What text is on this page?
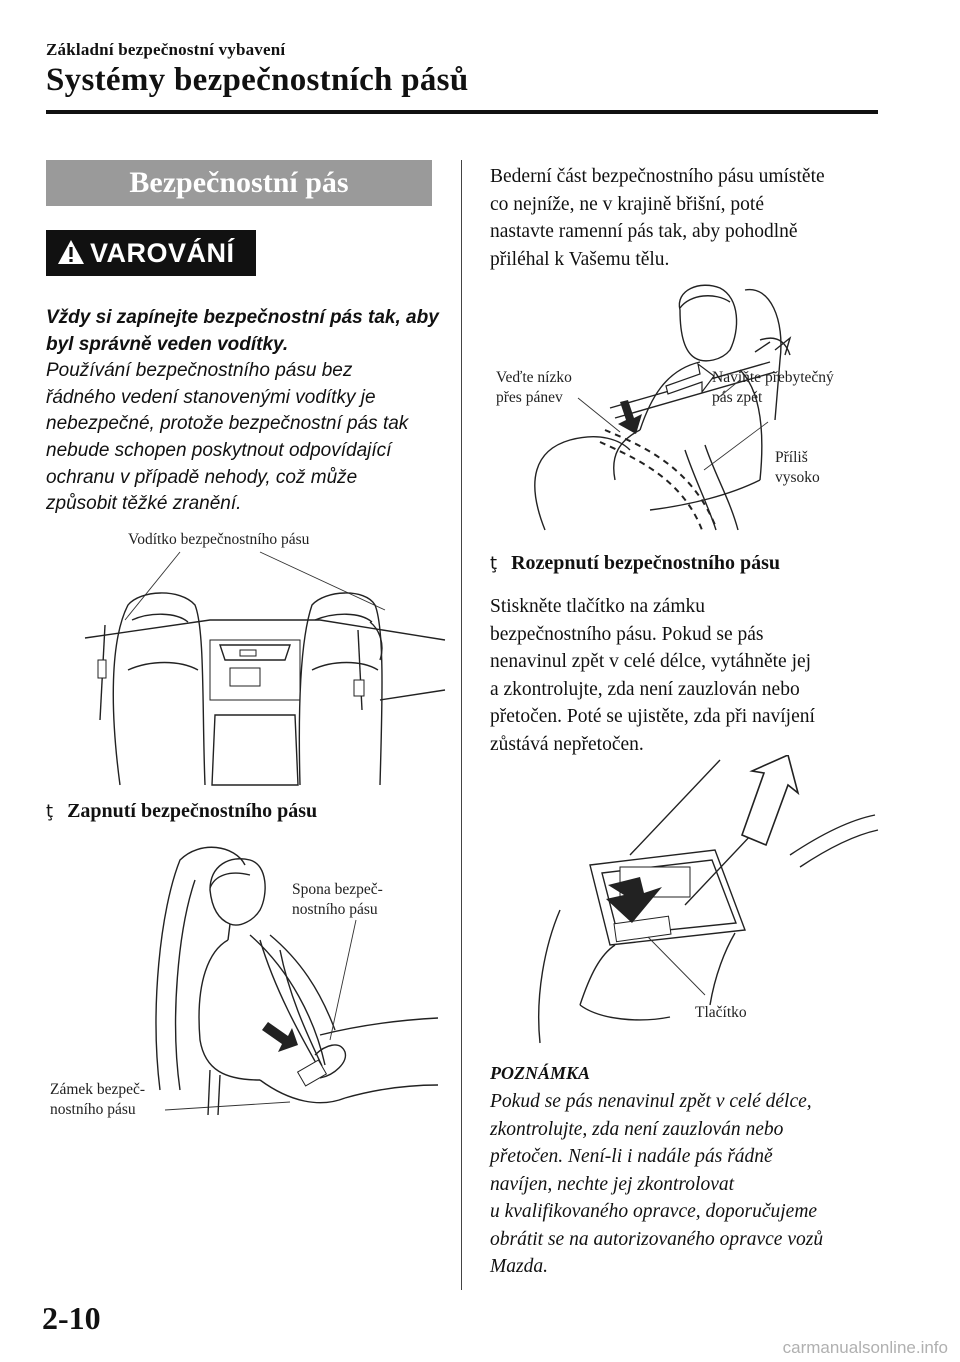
Základní bezpečnostní vybavení
Systémy bezpečnostních pásů
Bezpečnostní pás
VAROVÁNÍ
Vždy si zapínejte bezpečnostní pás tak, aby
byl správně veden vodítky.
Používání bezpečnostního pásu bez
řádného vedení stanovenými vodítky je
nebezpečné, protože bezpečnostní pás tak
nebude schopen poskytnout odpovídající
ochranu v případě nehody, což může
způsobit těžké zranění.
Vodítko bezpečnostního pásu
ţ Zapnutí bezpečnostního pásu
Spona bezpeč-
nostního pásu
Zámek bezpeč-
nostního pásu
Bederní část bezpečnostního pásu umístěte
co nejníže, ne v krajině břišní, poté
nastavte ramenní pás tak, aby pohodlně
přiléhal k Vašemu tělu.
Veďte nízko
přes pánev
Naviňte přebytečný
pás zpět
Příliš
vysoko
ţ Rozepnutí bezpečnostního pásu
Stiskněte tlačítko na zámku
bezpečnostního pásu. Pokud se pás
nenavinul zpět v celé délce, vytáhněte jej
a zkontrolujte, zda není zauzlován nebo
přetočen. Poté se ujistěte, zda při navíjení
zůstává nepřetočen.
Tlačítko
POZNÁMKA
Pokud se pás nenavinul zpět v celé délce,
zkontrolujte, zda není zauzlován nebo
přetočen. Není-li i nadále pás řádně
navíjen, nechte jej zkontrolovat
u kvalifikovaného opravce, doporučujeme
obrátit se na autorizovaného opravce vozů
Mazda.
2-10
carmanualsonline.info
